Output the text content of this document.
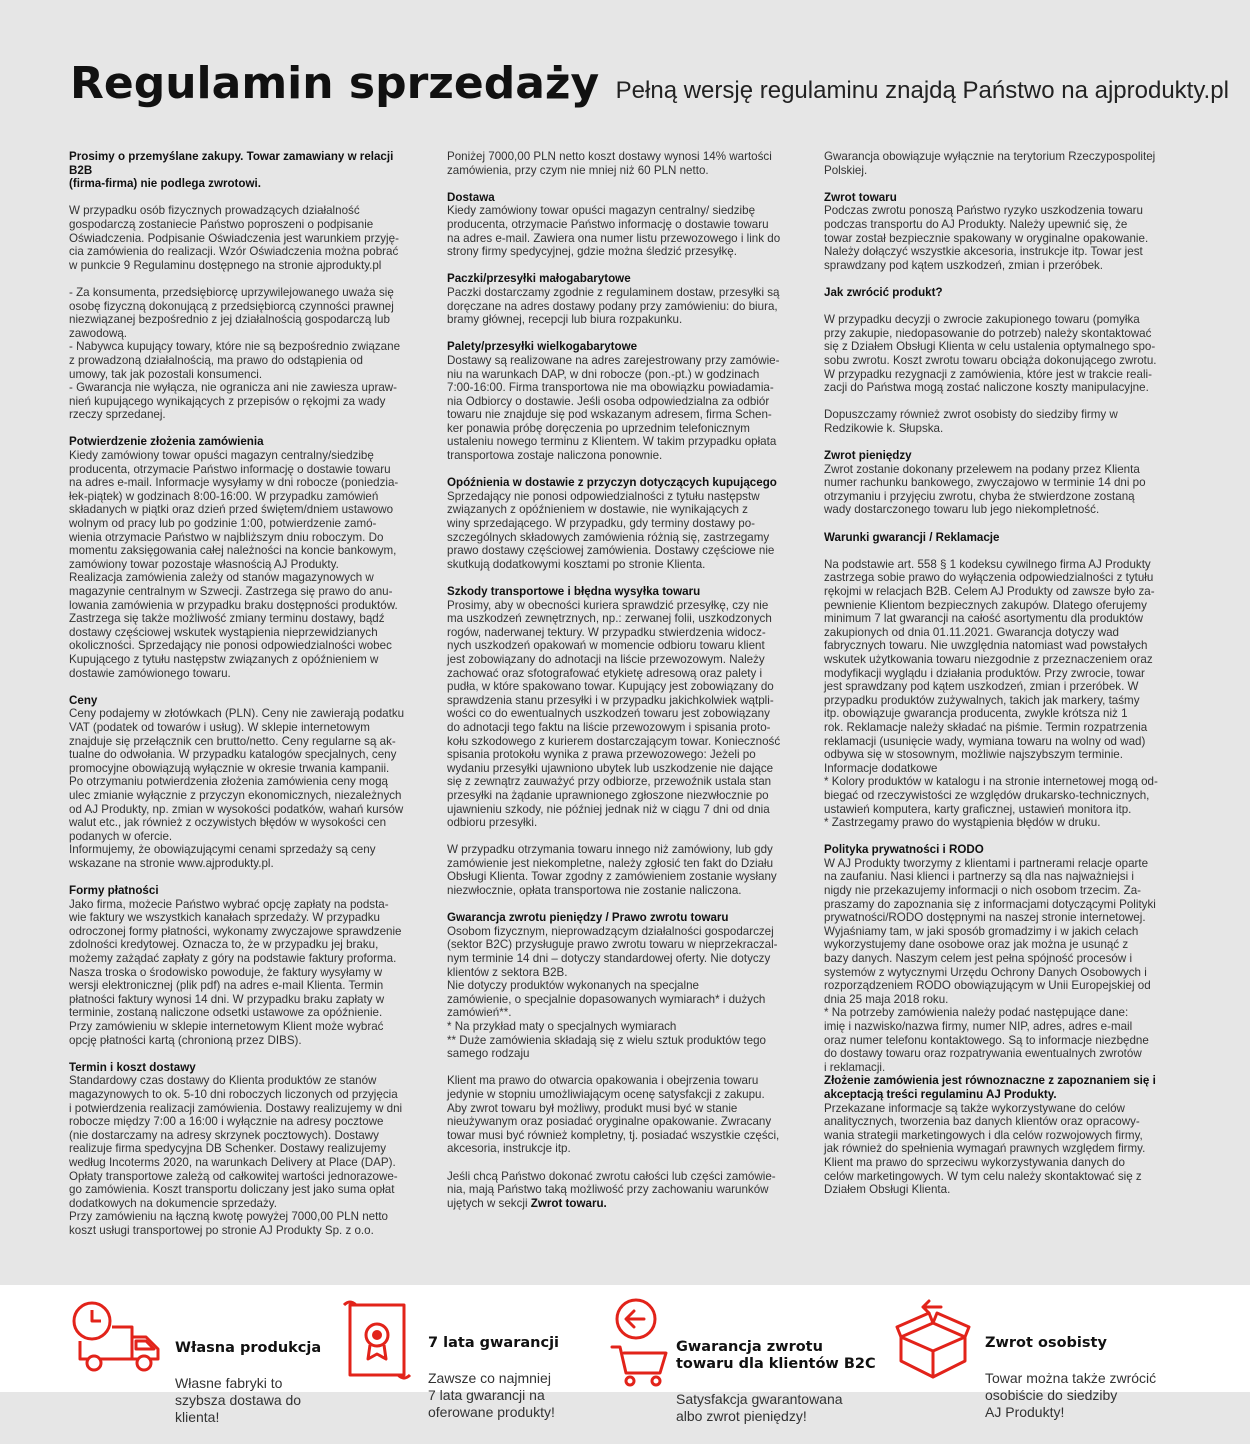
Regulamin sprzedaży Pełną wersję regulaminu znajdą Państwo na ajprodukty.pl

Prosimy o przemyślane zakupy. Towar zamawiany w relacji B2B
(firma-firma) nie podlega zwrotowi.

W przypadku osób fizycznych prowadzących działalność
gospodarczą zostaniecie Państwo poproszeni o podpisanie
Oświadczenia. Podpisanie Oświadczenia jest warunkiem przyję-
cia zamówienia do realizacji. Wzór Oświadczenia można pobrać
w punkcie 9 Regulaminu dostępnego na stronie ajprodukty.pl

- Za konsumenta, przedsiębiorcę uprzywilejowanego uważa się
osobę fizyczną dokonującą z przedsiębiorcą czynności prawnej
niezwiązanej bezpośrednio z jej działalnością gospodarczą lub
zawodową.
- Nabywca kupujący towary, które nie są bezpośrednio związane
z prowadzoną działalnością, ma prawo do odstąpienia od
umowy, tak jak pozostali konsumenci.
- Gwarancja nie wyłącza, nie ogranicza ani nie zawiesza upraw-
nień kupującego wynikających z przepisów o rękojmi za wady
rzeczy sprzedanej.

Potwierdzenie złożenia zamówienia

Kiedy zamówiony towar opuści magazyn centralny/siedzibę
producenta, otrzymacie Państwo informację o dostawie towaru
na adres e-mail. Informacje wysyłamy w dni robocze (poniedzia-
łek-piątek) w godzinach 8:00-16:00. W przypadku zamówień
składanych w piątki oraz dzień przed świętem/dniem ustawowo
wolnym od pracy lub po godzinie 1:00, potwierdzenie zamó-
wienia otrzymacie Państwo w najbliższym dniu roboczym. Do
momentu zaksięgowania całej należności na koncie bankowym,
zamówiony towar pozostaje własnością AJ Produkty.
Realizacja zamówienia zależy od stanów magazynowych w
magazynie centralnym w Szwecji. Zastrzega się prawo do anu-
lowania zamówienia w przypadku braku dostępności produktów.
Zastrzega się także możliwość zmiany terminu dostawy, bądź
dostawy częściowej wskutek wystąpienia nieprzewidzianych
okoliczności. Sprzedający nie ponosi odpowiedzialności wobec
Kupującego z tytułu następstw związanych z opóźnieniem w
dostawie zamówionego towaru.

Ceny

Ceny podajemy w złotówkach (PLN). Ceny nie zawierają podatku
VAT (podatek od towarów i usług). W sklepie internetowym
znajduje się przełącznik cen brutto/netto. Ceny regularne są ak-
tualne do odwołania. W przypadku katalogów specjalnych, ceny
promocyjne obowiązują wyłącznie w okresie trwania kampanii.
Po otrzymaniu potwierdzenia złożenia zamówienia ceny mogą
ulec zmianie wyłącznie z przyczyn ekonomicznych, niezależnych
od AJ Produkty, np. zmian w wysokości podatków, wahań kursów
walut etc., jak również z oczywistych błędów w wysokości cen
podanych w ofercie.
Informujemy, że obowiązującymi cenami sprzedaży są ceny
wskazane na stronie www.ajprodukty.pl.

Formy płatności

Jako firma, możecie Państwo wybrać opcję zapłaty na podsta-
wie faktury we wszystkich kanałach sprzedaży. W przypadku
odroczonej formy płatności, wykonamy zwyczajowe sprawdzenie
zdolności kredytowej. Oznacza to, że w przypadku jej braku,
możemy zażądać zapłaty z góry na podstawie faktury proforma.
Nasza troska o środowisko powoduje, że faktury wysyłamy w
wersji elektronicznej (plik pdf) na adres e-mail Klienta. Termin
płatności faktury wynosi 14 dni. W przypadku braku zapłaty w
terminie, zostaną naliczone odsetki ustawowe za opóźnienie.
Przy zamówieniu w sklepie internetowym Klient może wybrać
opcję płatności kartą (chronioną przez DIBS).

Termin i koszt dostawy

Standardowy czas dostawy do Klienta produktów ze stanów
magazynowych to ok. 5-10 dni roboczych liczonych od przyjęcia
i potwierdzenia realizacji zamówienia. Dostawy realizujemy w dni
robocze między 7:00 a 16:00 i wyłącznie na adresy pocztowe
(nie dostarczamy na adresy skrzynek pocztowych). Dostawy
realizuje firma spedycyjna DB Schenker. Dostawy realizujemy
według Incoterms 2020, na warunkach Delivery at Place (DAP).
Opłaty transportowe zależą od całkowitej wartości jednorazowe-
go zamówienia. Koszt transportu doliczany jest jako suma opłat
dodatkowych na dokumencie sprzedaży.
Przy zamówieniu na łączną kwotę powyżej 7000,00 PLN netto
koszt usługi transportowej po stronie AJ Produkty Sp. z o.o.

Poniżej 7000,00 PLN netto koszt dostawy wynosi 14% wartości
zamówienia, przy czym nie mniej niż 60 PLN netto.

Dostawa

Kiedy zamówiony towar opuści magazyn centralny/ siedzibę
producenta, otrzymacie Państwo informację o dostawie towaru
na adres e-mail. Zawiera ona numer listu przewozowego i link do
strony firmy spedycyjnej, gdzie można śledzić przesyłkę.

Paczki/przesyłki małogabarytowe

Paczki dostarczamy zgodnie z regulaminem dostaw, przesyłki są
doręczane na adres dostawy podany przy zamówieniu: do biura,
bramy głównej, recepcji lub biura rozpakunku.

Palety/przesyłki wielkogabarytowe

Dostawy są realizowane na adres zarejestrowany przy zamówie-
niu na warunkach DAP, w dni robocze (pon.-pt.) w godzinach
7:00-16:00. Firma transportowa nie ma obowiązku powiadamia-
nia Odbiorcy o dostawie. Jeśli osoba odpowiedzialna za odbiór
towaru nie znajduje się pod wskazanym adresem, firma Schen-
ker ponawia próbę doręczenia po uprzednim telefonicznym
ustaleniu nowego terminu z Klientem. W takim przypadku opłata
transportowa zostaje naliczona ponownie.

Opóźnienia w dostawie z przyczyn dotyczących kupującego

Sprzedający nie ponosi odpowiedzialności z tytułu następstw
związanych z opóźnieniem w dostawie, nie wynikających z
winy sprzedającego. W przypadku, gdy terminy dostawy po-
szczególnych składowych zamówienia różnią się, zastrzegamy
prawo dostawy częściowej zamówienia. Dostawy częściowe nie
skutkują dodatkowymi kosztami po stronie Klienta.

Szkody transportowe i błędna wysyłka towaru

Prosimy, aby w obecności kuriera sprawdzić przesyłkę, czy nie
ma uszkodzeń zewnętrznych, np.: zerwanej folii, uszkodzonych
rogów, naderwanej tektury. W przypadku stwierdzenia widocz-
nych uszkodzeń opakowań w momencie odbioru towaru klient
jest zobowiązany do adnotacji na liście przewozowym. Należy
zachować oraz sfotografować etykietę adresową oraz palety i
pudła, w które spakowano towar. Kupujący jest zobowiązany do
sprawdzenia stanu przesyłki i w przypadku jakichkolwiek wątpli-
wości co do ewentualnych uszkodzeń towaru jest zobowiązany
do adnotacji tego faktu na liście przewozowym i spisania proto-
kołu szkodowego z kurierem dostarczającym towar. Konieczność
spisania protokołu wynika z prawa przewozowego: Jeżeli po
wydaniu przesyłki ujawniono ubytek lub uszkodzenie nie dające
się z zewnątrz zauważyć przy odbiorze, przewoźnik ustala stan
przesyłki na żądanie uprawnionego zgłoszone niezwłocznie po
ujawnieniu szkody, nie później jednak niż w ciągu 7 dni od dnia
odbioru przesyłki.

W przypadku otrzymania towaru innego niż zamówiony, lub gdy
zamówienie jest niekompletne, należy zgłosić ten fakt do Działu
Obsługi Klienta. Towar zgodny z zamówieniem zostanie wysłany
niezwłocznie, opłata transportowa nie zostanie naliczona.

Gwarancja zwrotu pieniędzy / Prawo zwrotu towaru

Osobom fizycznym, nieprowadzącym działalności gospodarczej
(sektor B2C) przysługuje prawo zwrotu towaru w nieprzekraczal-
nym terminie 14 dni – dotyczy standardowej oferty. Nie dotyczy
klientów z sektora B2B.
Nie dotyczy produktów wykonanych na specjalne
zamówienie, o specjalnie dopasowanych wymiarach* i dużych
zamówień**.
* Na przykład maty o specjalnych wymiarach
** Duże zamówienia składają się z wielu sztuk produktów tego
samego rodzaju

Klient ma prawo do otwarcia opakowania i obejrzenia towaru
jedynie w stopniu umożliwiającym ocenę satysfakcji z zakupu.
Aby zwrot towaru był możliwy, produkt musi być w stanie
nieużywanym oraz posiadać oryginalne opakowanie. Zwracany
towar musi być również kompletny, tj. posiadać wszystkie części,
akcesoria, instrukcje itp.

Jeśli chcą Państwo dokonać zwrotu całości lub części zamówie-
nia, mają Państwo taką możliwość przy zachowaniu warunków
ujętych w sekcji Zwrot towaru.

Gwarancja obowiązuje wyłącznie na terytorium Rzeczypospolitej
Polskiej.

Zwrot towaru

Podczas zwrotu ponoszą Państwo ryzyko uszkodzenia towaru
podczas transportu do AJ Produkty. Należy upewnić się, że
towar został bezpiecznie spakowany w oryginalne opakowanie.
Należy dołączyć wszystkie akcesoria, instrukcje itp. Towar jest
sprawdzany pod kątem uszkodzeń, zmian i przeróbek.

Jak zwrócić produkt?

W przypadku decyzji o zwrocie zakupionego towaru (pomyłka
przy zakupie, niedopasowanie do potrzeb) należy skontaktować
się z Działem Obsługi Klienta w celu ustalenia optymalnego spo-
sobu zwrotu. Koszt zwrotu towaru obciąża dokonującego zwrotu.
W przypadku rezygnacji z zamówienia, które jest w trakcie reali-
zacji do Państwa mogą zostać naliczone koszty manipulacyjne.

Dopuszczamy również zwrot osobisty do siedziby firmy w
Redzikowie k. Słupska.

Zwrot pieniędzy

Zwrot zostanie dokonany przelewem na podany przez Klienta
numer rachunku bankowego, zwyczajowo w terminie 14 dni po
otrzymaniu i przyjęciu zwrotu, chyba że stwierdzone zostaną
wady dostarczonego towaru lub jego niekompletność.

Warunki gwarancji / Reklamacje

Na podstawie art. 558 § 1 kodeksu cywilnego firma AJ Produkty
zastrzega sobie prawo do wyłączenia odpowiedzialności z tytułu
rękojmi w relacjach B2B. Celem AJ Produkty od zawsze było za-
pewnienie Klientom bezpiecznych zakupów. Dlatego oferujemy
minimum 7 lat gwarancji na całość asortymentu dla produktów
zakupionych od dnia 01.11.2021. Gwarancja dotyczy wad
fabrycznych towaru. Nie uwzględnia natomiast wad powstałych
wskutek użytkowania towaru niezgodnie z przeznaczeniem oraz
modyfikacji wyglądu i działania produktów. Przy zwrocie, towar
jest sprawdzany pod kątem uszkodzeń, zmian i przeróbek. W
przypadku produktów zużywalnych, takich jak markery, taśmy
itp. obowiązuje gwarancja producenta, zwykle krótsza niż 1
rok. Reklamacje należy składać na piśmie. Termin rozpatrzenia
reklamacji (usunięcie wady, wymiana towaru na wolny od wad)
odbywa się w stosownym, możliwie najszybszym terminie.
Informacje dodatkowe
* Kolory produktów w katalogu i na stronie internetowej mogą od-
biegać od rzeczywistości ze względów drukarsko-technicznych,
ustawień komputera, karty graficznej, ustawień monitora itp.
* Zastrzegamy prawo do wystąpienia błędów w druku.

Polityka prywatności i RODO

W AJ Produkty tworzymy z klientami i partnerami relacje oparte
na zaufaniu. Nasi klienci i partnerzy są dla nas najważniejsi i
nigdy nie przekazujemy informacji o nich osobom trzecim. Za-
praszamy do zapoznania się z informacjami dotyczącymi Polityki
prywatności/RODO dostępnymi na naszej stronie internetowej.
Wyjaśniamy tam, w jaki sposób gromadzimy i w jakich celach
wykorzystujemy dane osobowe oraz jak można je usunąć z
bazy danych. Naszym celem jest pełna spójność procesów i
systemów z wytycznymi Urzędu Ochrony Danych Osobowych i
rozporządzeniem RODO obowiązującym w Unii Europejskiej od
dnia 25 maja 2018 roku.
* Na potrzeby zamówienia należy podać następujące dane:
imię i nazwisko/nazwa firmy, numer NIP, adres, adres e-mail
oraz numer telefonu kontaktowego. Są to informacje niezbędne
do dostawy towaru oraz rozpatrywania ewentualnych zwrotów
i reklamacji.

Złożenie zamówienia jest równoznaczne z zapoznaniem się i
akceptacją treści regulaminu AJ Produkty.

Przekazane informacje są także wykorzystywane do celów
analitycznych, tworzenia baz danych klientów oraz opracowy-
wania strategii marketingowych i dla celów rozwojowych firmy,
jak również do spełnienia wymagań prawnych względem firmy.
Klient ma prawo do sprzeciwu wykorzystywania danych do
celów marketingowych. W tym celu należy skontaktować się z
Działem Obsługi Klienta.

Własna produkcja

Własne fabryki to
szybsza dostawa do
klienta!

7 lata gwarancji

Zawsze co najmniej
7 lata gwarancji na
oferowane produkty!

Gwarancja zwrotu
towaru dla klientów B2C

Satysfakcja gwarantowana
albo zwrot pieniędzy!

Zwrot osobisty

Towar można także zwrócić
osobiście do siedziby
AJ Produkty!
